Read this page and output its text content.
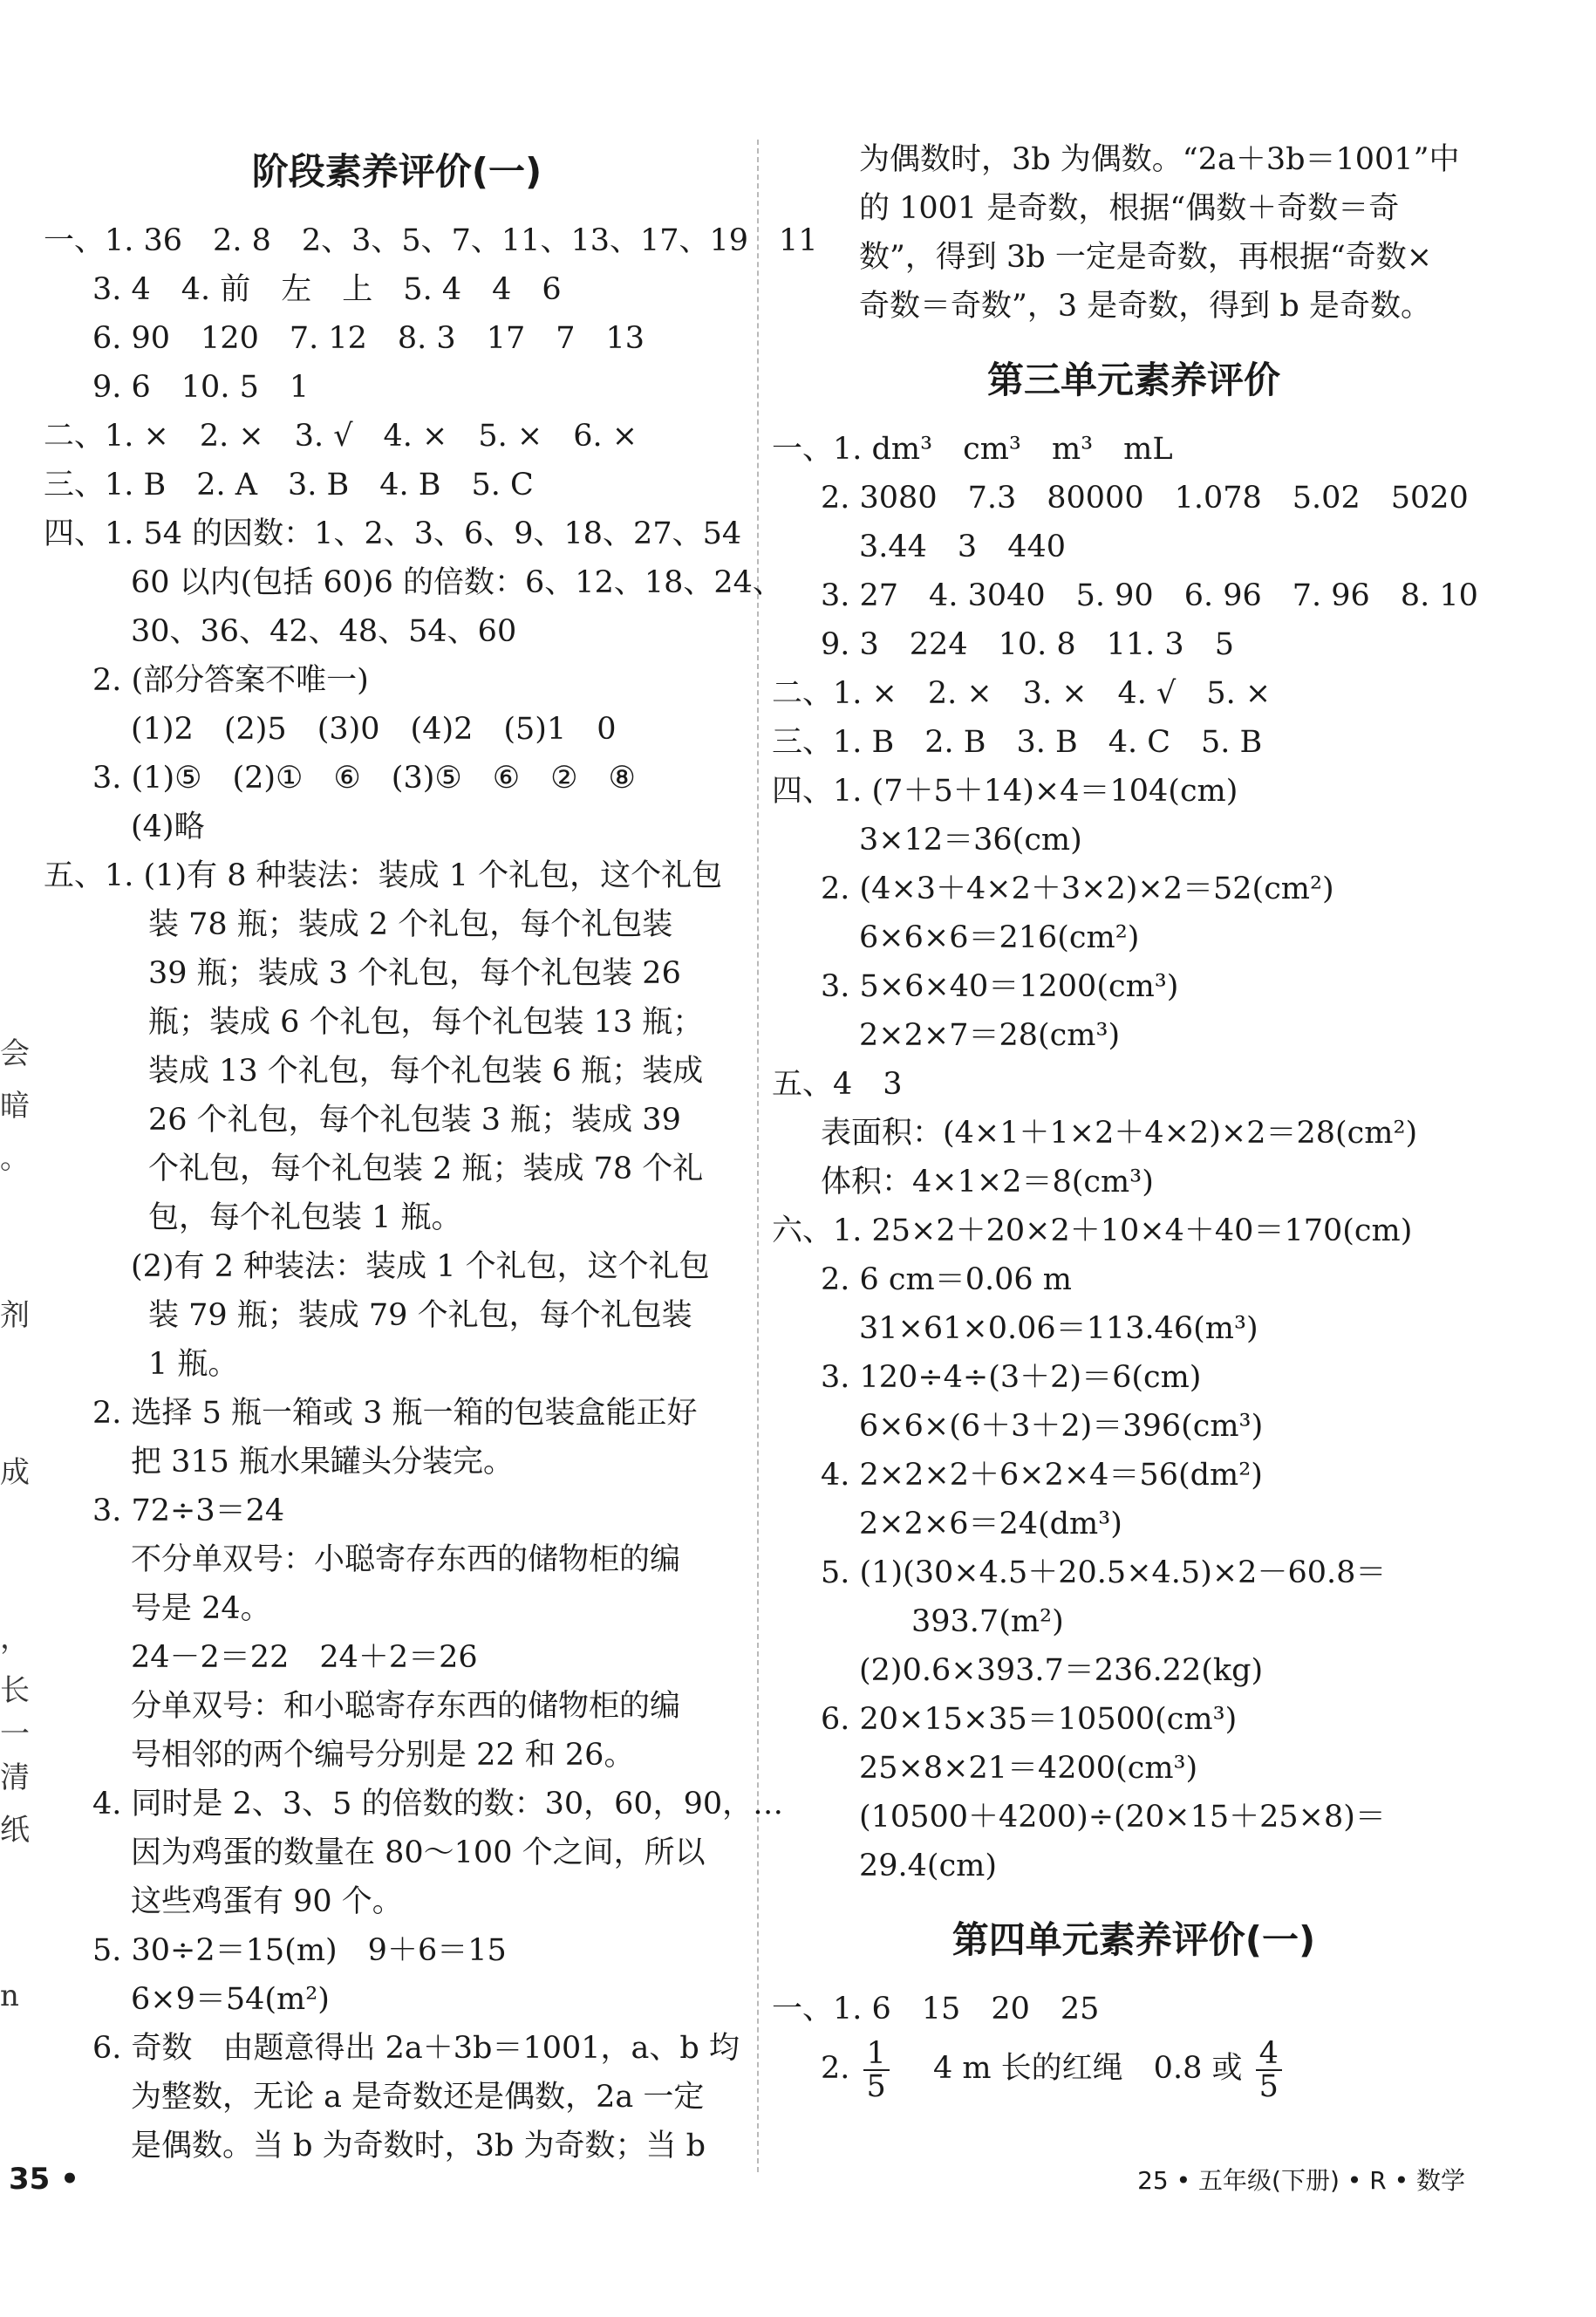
会
暗
。
剂
成
，
长
一
清
纸
n
阶段素养评价(一)
一、1. 36　2. 8　2、3、5、7、11、13、17、19　11
3. 4　4. 前　左　上　5. 4　4　6
6. 90　120　7. 12　8. 3　17　7　13
9. 6　10. 5　1
二、1. ×　2. ×　3. √　4. ×　5. ×　6. ×
三、1. B　2. A　3. B　4. B　5. C
四、1. 54 的因数：1、2、3、6、9、18、27、54
60 以内(包括 60)6 的倍数：6、12、18、24、
30、36、42、48、54、60
2. (部分答案不唯一)
(1)2　(2)5　(3)0　(4)2　(5)1　0
3. (1)⑤　(2)①　⑥　(3)⑤　⑥　②　⑧
(4)略
五、1. (1)有 8 种装法：装成 1 个礼包，这个礼包
装 78 瓶；装成 2 个礼包，每个礼包装
39 瓶；装成 3 个礼包，每个礼包装 26
瓶；装成 6 个礼包，每个礼包装 13 瓶；
装成 13 个礼包，每个礼包装 6 瓶；装成
26 个礼包，每个礼包装 3 瓶；装成 39
个礼包，每个礼包装 2 瓶；装成 78 个礼
包，每个礼包装 1 瓶。
(2)有 2 种装法：装成 1 个礼包，这个礼包
装 79 瓶；装成 79 个礼包，每个礼包装
1 瓶。
2. 选择 5 瓶一箱或 3 瓶一箱的包装盒能正好
把 315 瓶水果罐头分装完。
3. 72÷3＝24
不分单双号：小聪寄存东西的储物柜的编
号是 24。
24－2＝22　24＋2＝26
分单双号：和小聪寄存东西的储物柜的编
号相邻的两个编号分别是 22 和 26。
4. 同时是 2、3、5 的倍数的数：30，60，90，…
因为鸡蛋的数量在 80～100 个之间，所以
这些鸡蛋有 90 个。
5. 30÷2＝15(m)　9＋6＝15
6×9＝54(m²)
6. 奇数　由题意得出 2a＋3b＝1001，a、b 均
为整数，无论 a 是奇数还是偶数，2a 一定
是偶数。当 b 为奇数时，3b 为奇数；当 b
为偶数时，3b 为偶数。“2a＋3b＝1001”中
的 1001 是奇数，根据“偶数＋奇数＝奇
数”，得到 3b 一定是奇数，再根据“奇数×
奇数＝奇数”，3 是奇数，得到 b 是奇数。
第三单元素养评价
一、1. dm³　cm³　m³　mL
2. 3080　7.3　80000　1.078　5.02　5020
3.44　3　440
3. 27　4. 3040　5. 90　6. 96　7. 96　8. 10
9. 3　224　10. 8　11. 3　5
二、1. ×　2. ×　3. ×　4. √　5. ×
三、1. B　2. B　3. B　4. C　5. B
四、1. (7＋5＋14)×4＝104(cm)
3×12＝36(cm)
2. (4×3＋4×2＋3×2)×2＝52(cm²)
6×6×6＝216(cm²)
3. 5×6×40＝1200(cm³)
2×2×7＝28(cm³)
五、4　3
表面积：(4×1＋1×2＋4×2)×2＝28(cm²)
体积：4×1×2＝8(cm³)
六、1. 25×2＋20×2＋10×4＋40＝170(cm)
2. 6 cm＝0.06 m
31×61×0.06＝113.46(m³)
3. 120÷4÷(3＋2)＝6(cm)
6×6×(6＋3＋2)＝396(cm³)
4. 2×2×2＋6×2×4＝56(dm²)
2×2×6＝24(dm³)
5. (1)(30×4.5＋20.5×4.5)×2－60.8＝
393.7(m²)
(2)0.6×393.7＝236.22(kg)
6. 20×15×35＝10500(cm³)
25×8×21＝4200(cm³)
(10500＋4200)÷(20×15＋25×8)＝
29.4(cm)
第四单元素养评价(一)
一、1. 6　15　20　25
2. $\frac{1}{5}$ 　4 m 长的红绳　0.8 或 $\frac{4}{5}$
35 •	25 • 五年级(下册) • R • 数学
